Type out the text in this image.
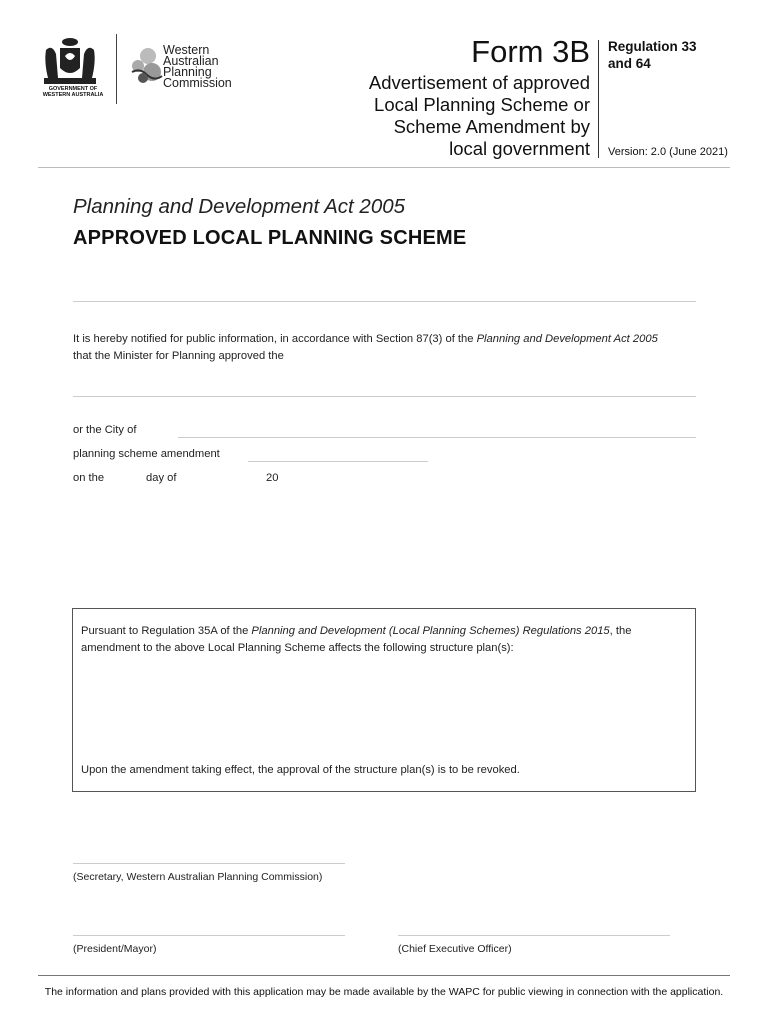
GOVERNMENT OF
WESTERN AUSTRALIA
Western
Australian
Planning
Commission
Form 3B
Advertisement of approved
Local Planning Scheme or
Scheme Amendment by
local government
Regulation 33
and 64
Version: 2.0 (June 2021)
Planning and Development Act 2005
APPROVED LOCAL PLANNING SCHEME
It is hereby notified for public information, in accordance with Section 87(3) of the Planning and Development Act 2005 that the Minister for Planning approved the
or the City of
planning scheme amendment
on the	day of	20
Pursuant to Regulation 35A of the Planning and Development (Local Planning Schemes) Regulations 2015, the amendment to the above Local Planning Scheme affects the following structure plan(s):
Upon the amendment taking effect, the approval of the structure plan(s) is to be revoked.
(Secretary, Western Australian Planning Commission)
(President/Mayor)	(Chief Executive Officer)
The information and plans provided with this application may be made available by the WAPC for public viewing in connection with the application.
